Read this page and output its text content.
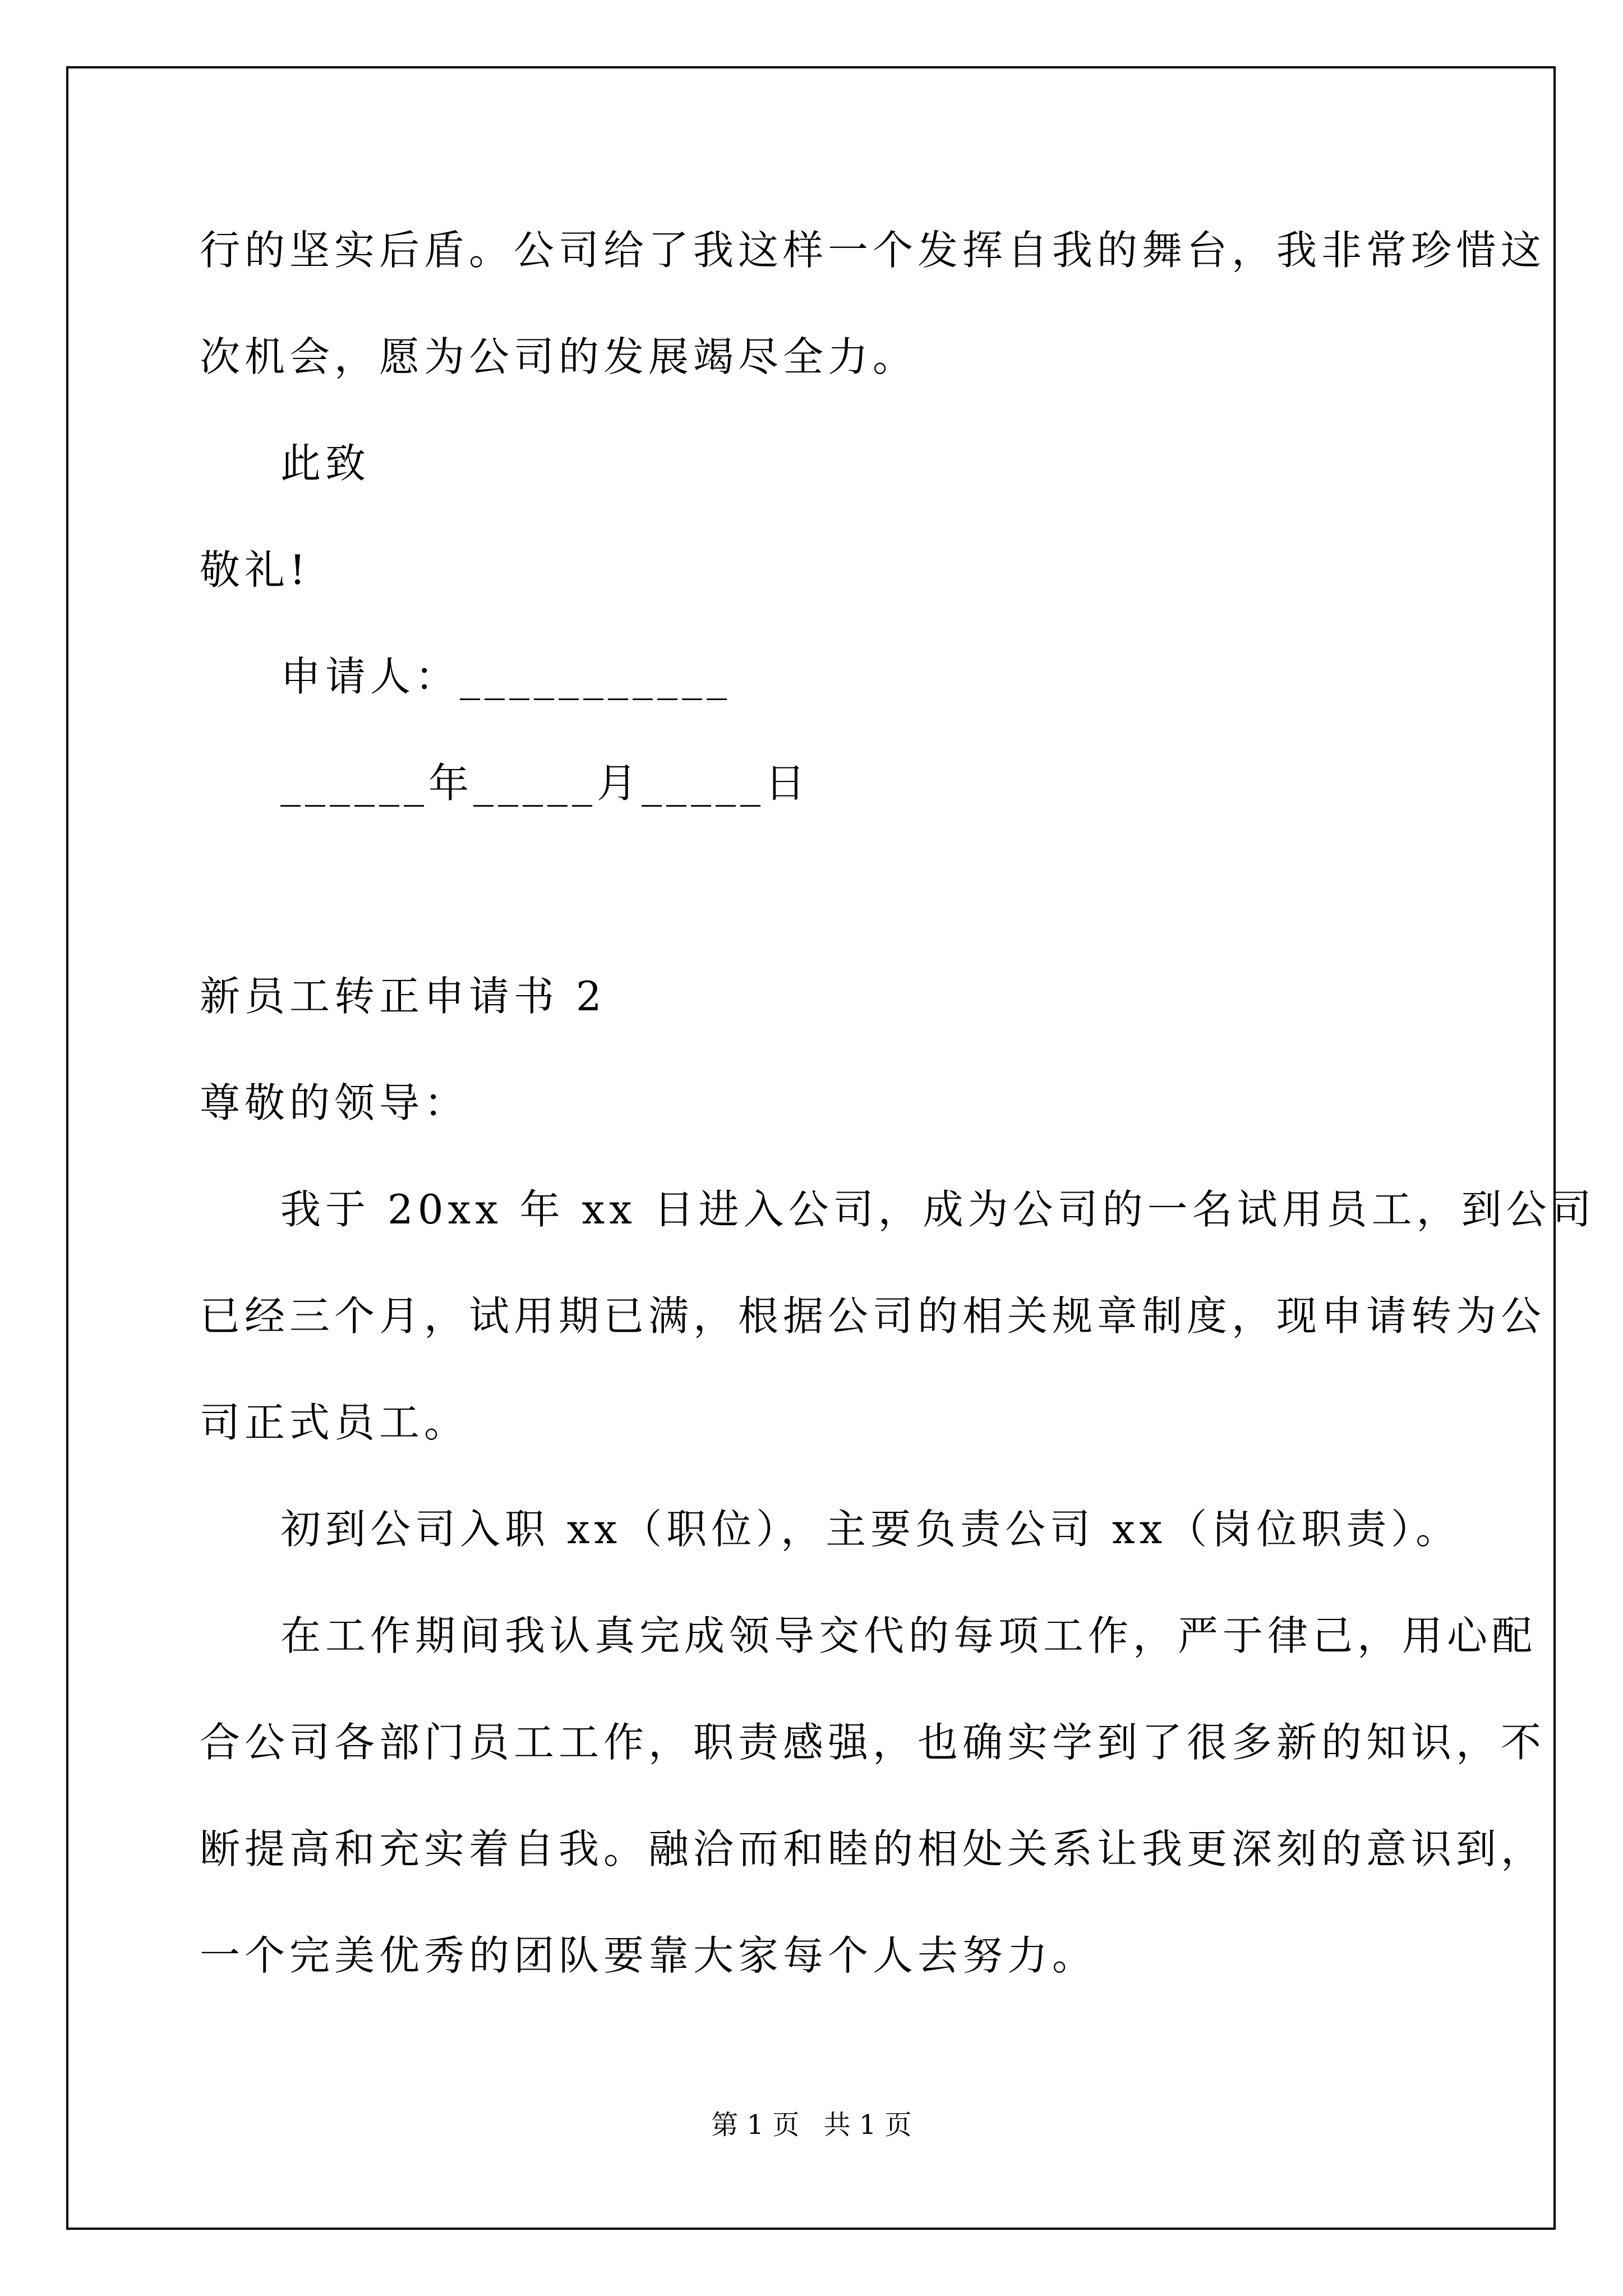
行的坚实后盾。公司给了我这样一个发挥自我的舞台，我非常珍惜这
次机会，愿为公司的发展竭尽全力。
此致
敬礼!
申请人：___________
______年_____月_____日
新员工转正申请书 2
尊敬的领导：
我于 20xx 年 xx 日进入公司，成为公司的一名试用员工，到公司
已经三个月，试用期已满，根据公司的相关规章制度，现申请转为公
司正式员工。
初到公司入职 xx（职位），主要负责公司 xx（岗位职责）。
在工作期间我认真完成领导交代的每项工作，严于律己，用心配
合公司各部门员工工作，职责感强，也确实学到了很多新的知识，不
断提高和充实着自我。融洽而和睦的相处关系让我更深刻的意识到，
一个完美优秀的团队要靠大家每个人去努力。
第 1 页 共 1 页
